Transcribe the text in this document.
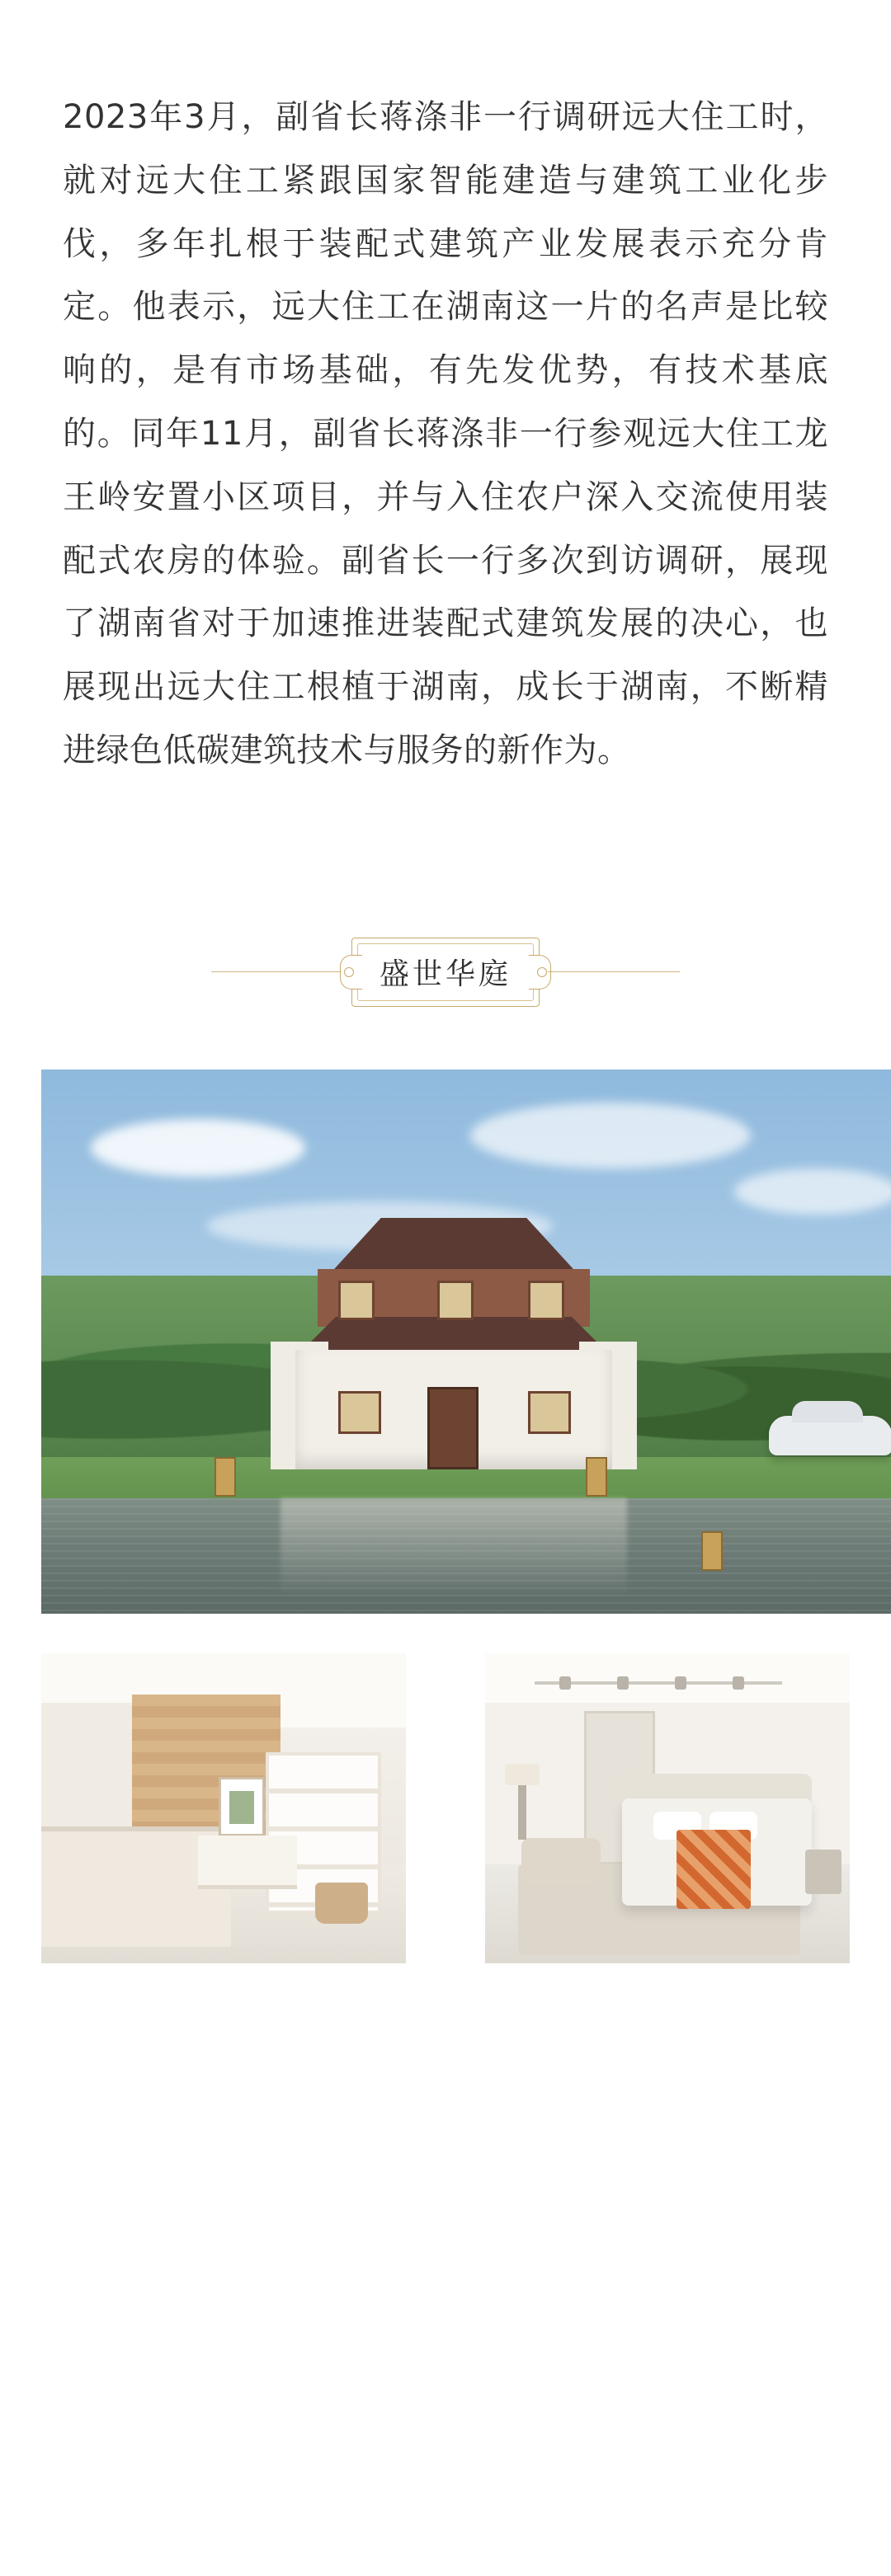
2023年3月，副省长蒋涤非一行调研远大住工时，就对远大住工紧跟国家智能建造与建筑工业化步伐，多年扎根于装配式建筑产业发展表示充分肯定。他表示，远大住工在湖南这一片的名声是比较响的，是有市场基础，有先发优势，有技术基底的。同年11月，副省长蒋涤非一行参观远大住工龙王岭安置小区项目，并与入住农户深入交流使用装配式农房的体验。副省长一行多次到访调研，展现了湖南省对于加速推进装配式建筑发展的决心，也展现出远大住工根植于湖南，成长于湖南，不断精进绿色低碳建筑技术与服务的新作为。

盛世华庭
